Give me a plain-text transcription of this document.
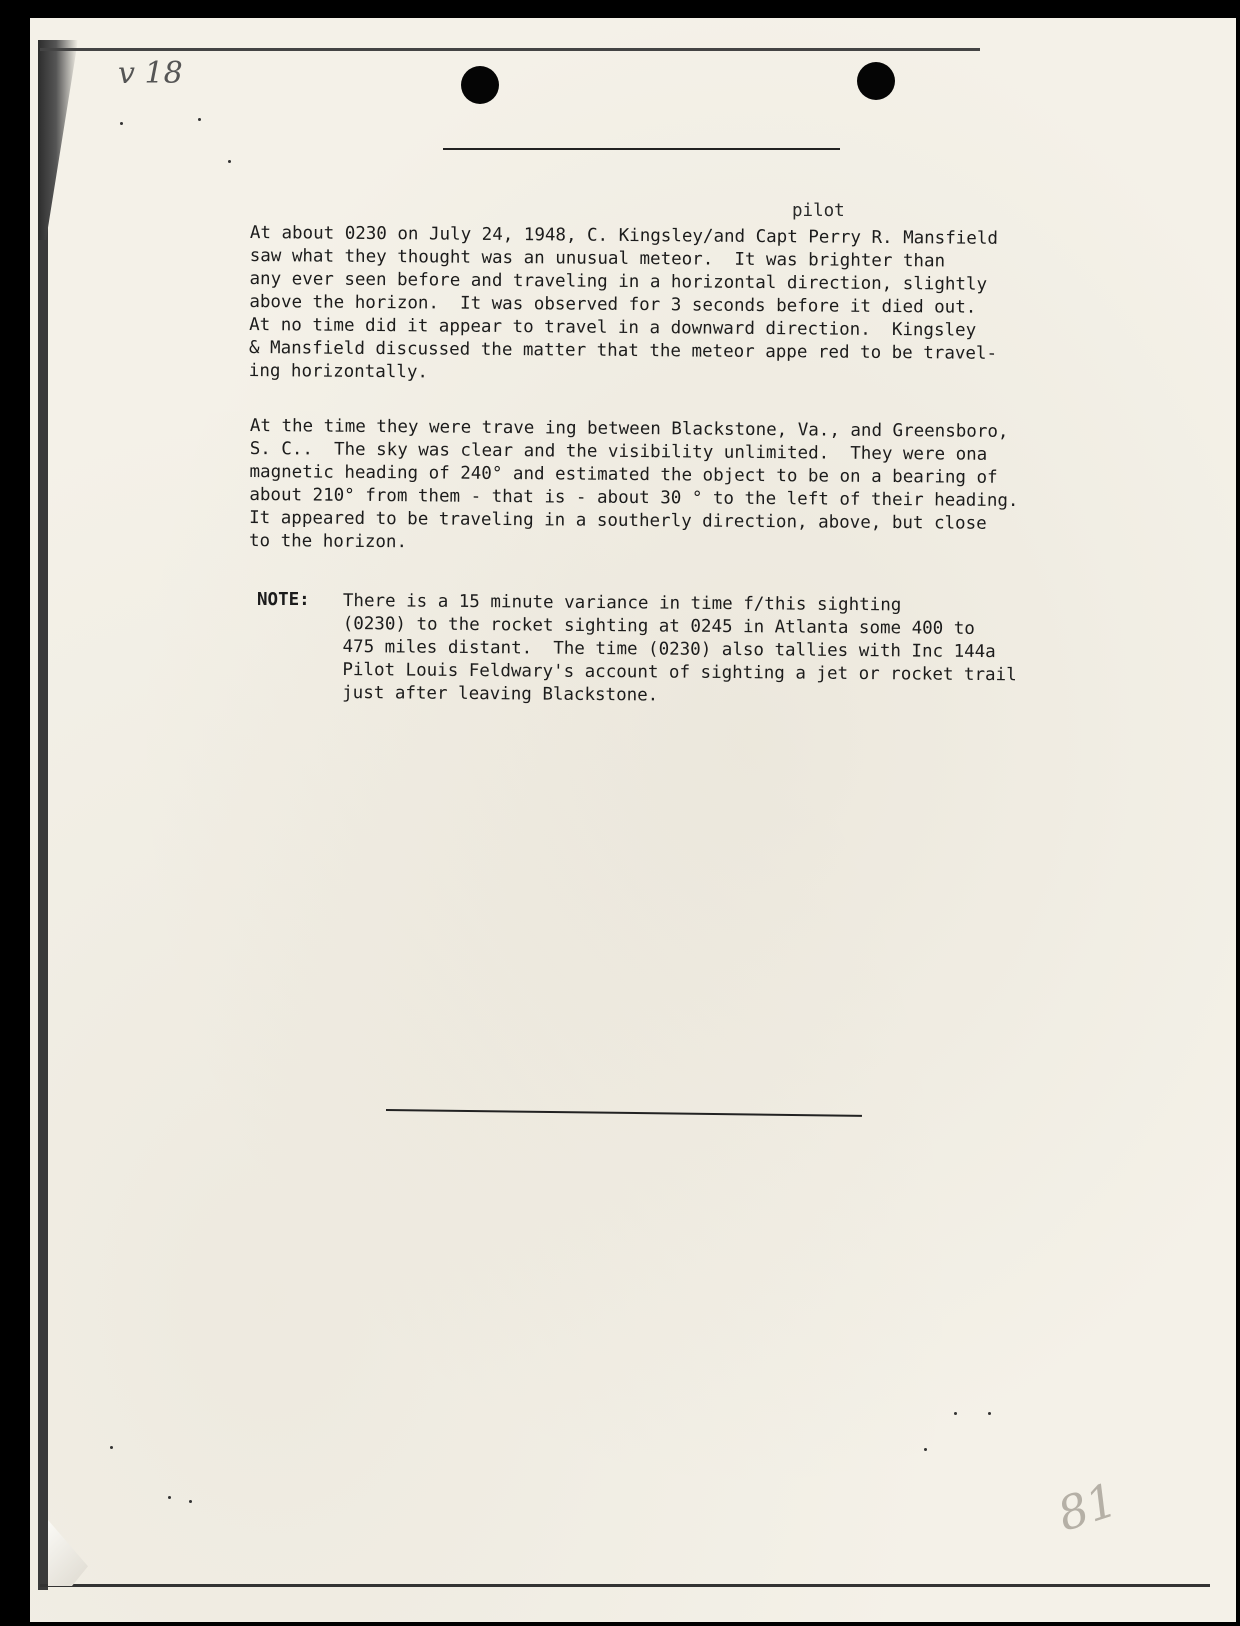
v 18
pilot
At about 0230 on July 24, 1948, C. Kingsley/and Capt Perry R. Mansfield
saw what they thought was an unusual meteor.  It was brighter than
any ever seen before and traveling in a horizontal direction, slightly
above the horizon.  It was observed for 3 seconds before it died out.
At no time did it appear to travel in a downward direction.  Kingsley
& Mansfield discussed the matter that the meteor appe red to be travel-
ing horizontally.
At the time they were trave ing between Blackstone, Va., and Greensboro,
S. C..  The sky was clear and the visibility unlimited.  They were ona
magnetic heading of 240° and estimated the object to be on a bearing of
about 210° from them - that is - about 30 ° to the left of their heading.
It appeared to be traveling in a southerly direction, above, but close
to the horizon.
NOTE: There is a 15 minute variance in time f/this sighting
(0230) to the rocket sighting at 0245 in Atlanta some 400 to
475 miles distant.  The time (0230) also tallies with Inc 144a
Pilot Louis Feldwary's account of sighting a jet or rocket trail
just after leaving Blackstone.
81
